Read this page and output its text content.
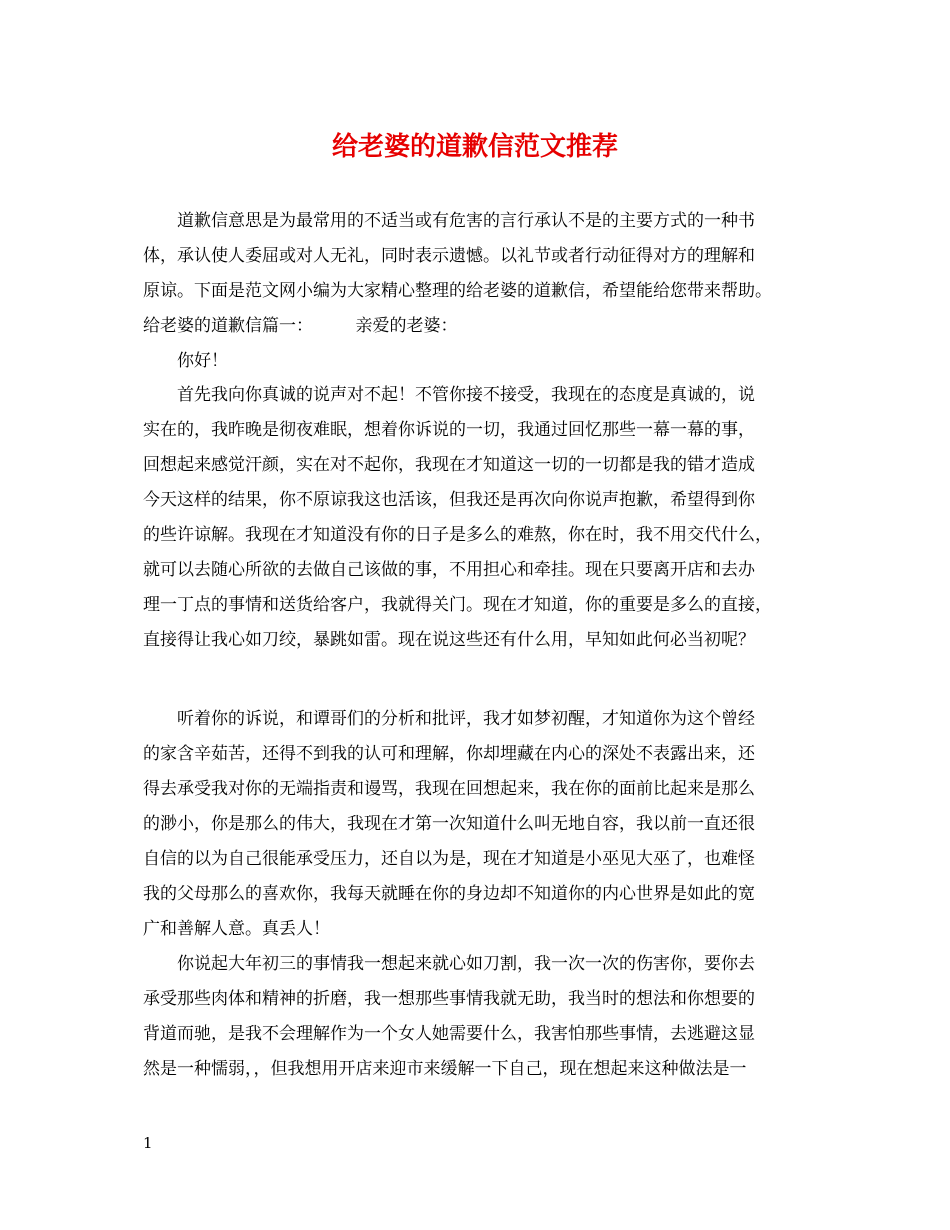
给老婆的道歉信范文推荐
道歉信意思是为最常用的不适当或有危害的言行承认不是的主要方式的一种书
体，承认使人委屈或对人无礼，同时表示遗憾。以礼节或者行动征得对方的理解和
原谅。下面是范文网小编为大家精心整理的给老婆的道歉信，希望能给您带来帮助。
给老婆的道歉信篇一：　　　亲爱的老婆：
你好！
首先我向你真诚的说声对不起！不管你接不接受，我现在的态度是真诚的，说
实在的，我昨晚是彻夜难眠，想着你诉说的一切，我通过回忆那些一幕一幕的事，
回想起来感觉汗颜，实在对不起你，我现在才知道这一切的一切都是我的错才造成
今天这样的结果，你不原谅我这也活该，但我还是再次向你说声抱歉，希望得到你
的些许谅解。我现在才知道没有你的日子是多么的难熬，你在时，我不用交代什么，
就可以去随心所欲的去做自己该做的事，不用担心和牵挂。现在只要离开店和去办
理一丁点的事情和送货给客户，我就得关门。现在才知道，你的重要是多么的直接，
直接得让我心如刀绞，暴跳如雷。现在说这些还有什么用，早知如此何必当初呢？
听着你的诉说，和谭哥们的分析和批评，我才如梦初醒，才知道你为这个曾经
的家含辛茹苦，还得不到我的认可和理解，你却埋藏在内心的深处不表露出来，还
得去承受我对你的无端指责和谩骂，我现在回想起来，我在你的面前比起来是那么
的渺小，你是那么的伟大，我现在才第一次知道什么叫无地自容，我以前一直还很
自信的以为自己很能承受压力，还自以为是，现在才知道是小巫见大巫了，也难怪
我的父母那么的喜欢你，我每天就睡在你的身边却不知道你的内心世界是如此的宽
广和善解人意。真丢人！
你说起大年初三的事情我一想起来就心如刀割，我一次一次的伤害你，要你去
承受那些肉体和精神的折磨，我一想那些事情我就无助，我当时的想法和你想要的
背道而驰，是我不会理解作为一个女人她需要什么，我害怕那些事情，去逃避这显
然是一种懦弱，，但我想用开店来迎市来缓解一下自己，现在想起来这种做法是一
1
